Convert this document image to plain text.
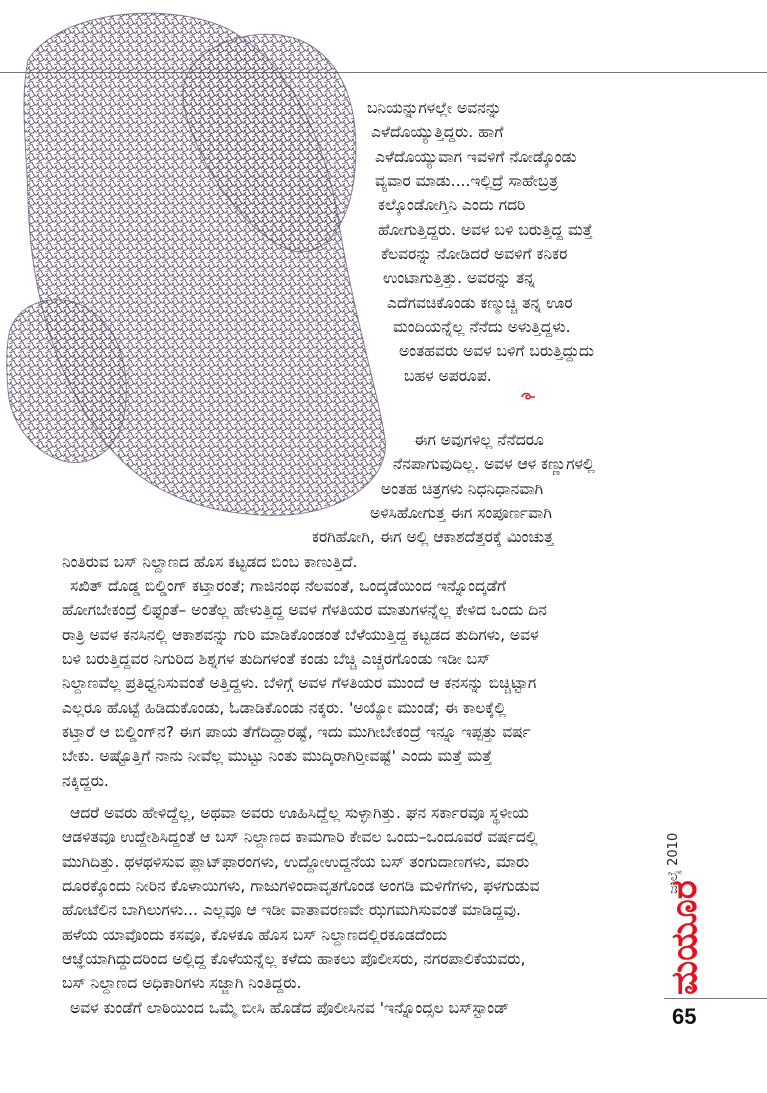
ಬನಿಯನ್ನುಗಳಲ್ಲೇ ಅವನನ್ನು
ಎಳೆದೊಯ್ಯುತ್ತಿದ್ದರು. ಹಾಗೆ
ಎಳೆದೊಯ್ಯುವಾಗ ಇವಳಿಗೆ ನೋಡ್ಕೊಂಡು
ವ್ಯವಾರ ಮಾಡು....ಇಲ್ಲಿದ್ರೆ ಸಾಹೇಬ್ರತ್ರ
ಕಲ್ಕೊಂಡೋಗ್ತಿನಿ ಎಂದು ಗದರಿ
ಹೋಗುತ್ತಿದ್ದರು. ಅವಳ ಬಳಿ ಬರುತ್ತಿದ್ದ ಮತ್ತೆ
ಕೆಲವರನ್ನು ನೋಡಿದರೆ ಅವಳಿಗೆ ಕನಿಕರ
ಉಂಟಾಗುತ್ತಿತ್ತು. ಅವರನ್ನು ತನ್ನ
ಎದೆಗವಚಿಕೊಂಡು ಕಣ್ಮುಚ್ಚಿ ತನ್ನ ಊರ
ಮಂದಿಯನ್ನೆಲ್ಲ ನೆನೆದು ಅಳುತ್ತಿದ್ದಳು.
ಅಂತಹವರು ಅವಳ ಬಳಿಗೆ ಬರುತ್ತಿದ್ದುದು
ಬಹಳ ಅಪರೂಪ.
ಈಗ ಅವುಗಳಿಲ್ಲ ನೆನೆದರೂ
ನೆನಪಾಗುವುದಿಲ್ಲ. ಅವಳ ಆಳ ಕಣ್ಣುಗಳಲ್ಲಿ
ಅಂತಹ ಚಿತ್ರಗಳು ನಿಧನಿಧಾನವಾಗಿ
ಅಳಿಸಿಹೋಗುತ್ತ ಈಗ ಸಂಪೂರ್ಣವಾಗಿ
ಕರಗಿಹೋಗಿ, ಈಗ ಅಲ್ಲಿ ಆಕಾಶದೆತ್ತರಕ್ಕೆ ಮಿಂಚುತ್ತ
ನಿಂತಿರುವ ಬಸ್ ನಿಲ್ದಾಣದ ಹೊಸ ಕಟ್ಟಡದ ಬಿಂಬ ಕಾಣುತ್ತಿದೆ.
ಸಖಿತ್ ದೊಡ್ಡ ಬಿಲ್ಡಿಂಗ್ ಕಟ್ತಾರಂತೆ; ಗಾಜಿನಂಥ ನೆಲವಂತೆ, ಒಂದ್ಕಡೆಯಿಂದ ಇನ್ನೊಂದ್ಕಡೆಗೆ
ಹೋಗಬೇಕಂದ್ರೆ ಲಿಫ್ಟಂತೆ– ಅಂತೆಲ್ಲ ಹೇಳುತ್ತಿದ್ದ ಅವಳ ಗೆಳತಿಯರ ಮಾತುಗಳನ್ನೆಲ್ಲ ಕೇಳಿದ ಒಂದು ದಿನ
ರಾತ್ರಿ ಅವಳ ಕನಸಿನಲ್ಲಿ ಆಕಾಶವನ್ನು ಗುರಿ ಮಾಡಿಕೊಂಡಂತೆ ಬೆಳೆಯುತ್ತಿದ್ದ ಕಟ್ಟಡದ ತುದಿಗಳು, ಅವಳ
ಬಳಿ ಬರುತ್ತಿದ್ದವರ ನಿಗುರಿದ ಶಿಶ್ನಗಳ ತುದಿಗಳಂತೆ ಕಂಡು ಬೆಚ್ಚಿ ಎಚ್ಚರಗೊಂಡು ಇಡೀ ಬಸ್
ನಿಲ್ದಾಣವೆಲ್ಲ ಪ್ರತಿಧ್ವನಿಸುವಂತೆ ಅತ್ತಿದ್ದಳು. ಬೆಳಿಗ್ಗೆ ಅವಳ ಗೆಳತಿಯರ ಮುಂದೆ ಆ ಕನಸನ್ನು ಬಿಚ್ಚಿಟ್ಟಾಗ
ಎಲ್ಲರೂ ಹೊಟ್ಟೆ ಹಿಡಿದುಕೊಂಡು, ಓಡಾಡಿಕೊಂಡು ನಕ್ಕರು. 'ಅಯ್ಯೋ ಮುಂಡೆ; ಈ ಕಾಲಕ್ಕೆಲ್ಲಿ
ಕಟ್ತಾರೆ ಆ ಬಿಲ್ಡಿಂಗ್‌ನ? ಈಗ ಪಾಯ ತೆಗೆದಿದ್ದಾರಷ್ಟೆ, ಇದು ಮುಗೀಬೇಕಂದ್ರೆ ಇನ್ನೂ ಇಪ್ಪತ್ತು ವರ್ಷ
ಬೇಕು. ಅಷ್ಟೊತ್ತಿಗೆ ನಾನು ನೀವೆಲ್ಲ ಮುಟ್ಟು ನಿಂತು ಮುದ್ಕಿರಾಗಿರ್‍ತೀವಷ್ಟೆ' ಎಂದು ಮತ್ತೆ ಮತ್ತೆ
ನಕ್ಕಿದ್ದರು.
ಆದರೆ ಅವರು ಹೇಳಿದ್ದೆಲ್ಲ, ಅಥವಾ ಅವರು ಊಹಿಸಿದ್ದೆಲ್ಲ ಸುಳ್ಳಾಗಿತ್ತು. ಘನ ಸರ್ಕಾರವೂ ಸ್ಥಳೀಯ
ಆಡಳಿತವೂ ಉದ್ದೇಶಿಸಿದ್ದಂತೆ ಆ ಬಸ್ ನಿಲ್ದಾಣದ ಕಾಮಗಾರಿ ಕೇವಲ ಒಂದು–ಒಂದೂವರೆ ವರ್ಷದಲ್ಲಿ
ಮುಗಿದಿತ್ತು. ಥಳಥಳಿಸುವ ಪ್ಲಾಟ್‌ಫಾರಂಗಳು, ಉದ್ದೋಉದ್ದನೆಯ ಬಸ್ ತಂಗುದಾಣಗಳು, ಮಾರು
ದೂರಕ್ಕೊಂದು ನೀರಿನ ಕೊಳಾಯಿಗಳು, ಗಾಜುಗಳಿಂದಾವೃತಗೊಂಡ ಅಂಗಡಿ ಮಳಿಗೆಗಳು, ಫಳಗುಡುವ
ಹೋಟೆಲಿನ ಬಾಗಿಲುಗಳು... ಎಲ್ಲವೂ ಆ ಇಡೀ ವಾತಾವರಣವೇ ಝಗಮಗಿಸುವಂತೆ ಮಾಡಿದ್ದವು.
ಹಳೆಯ ಯಾವೊಂದು ಕಸವೂ, ಕೊಳಕೂ ಹೊಸ ಬಸ್ ನಿಲ್ದಾಣದಲ್ಲಿರಕೂಡದೆಂದು
ಆಜ್ಞೆಯಾಗಿದ್ದುದರಿಂದ ಅಲ್ಲಿದ್ದ ಕೊಳೆಯನ್ನೆಲ್ಲ ಕಳೆದು ಹಾಕಲು ಪೊಲೀಸರು, ನಗರಪಾಲಿಕೆಯವರು,
ಬಸ್ ನಿಲ್ದಾಣದ ಅಧಿಕಾರಿಗಳು ಸಜ್ಜಾಗಿ ನಿಂತಿದ್ದರು.
ಅವಳ ಕುಂಡೆಗೆ ಲಾಠಿಯಿಂದ ಒಮ್ಮೆ ಬೀಸಿ ಹೊಡೆದ ಪೊಲೀಸಿನವ 'ಇನ್ನೊಂದ್ಸಲ ಬಸ್‌ಸ್ಟಾಂಡ್
ಜುಲೈ 2010
ಮಯೂರ
65
